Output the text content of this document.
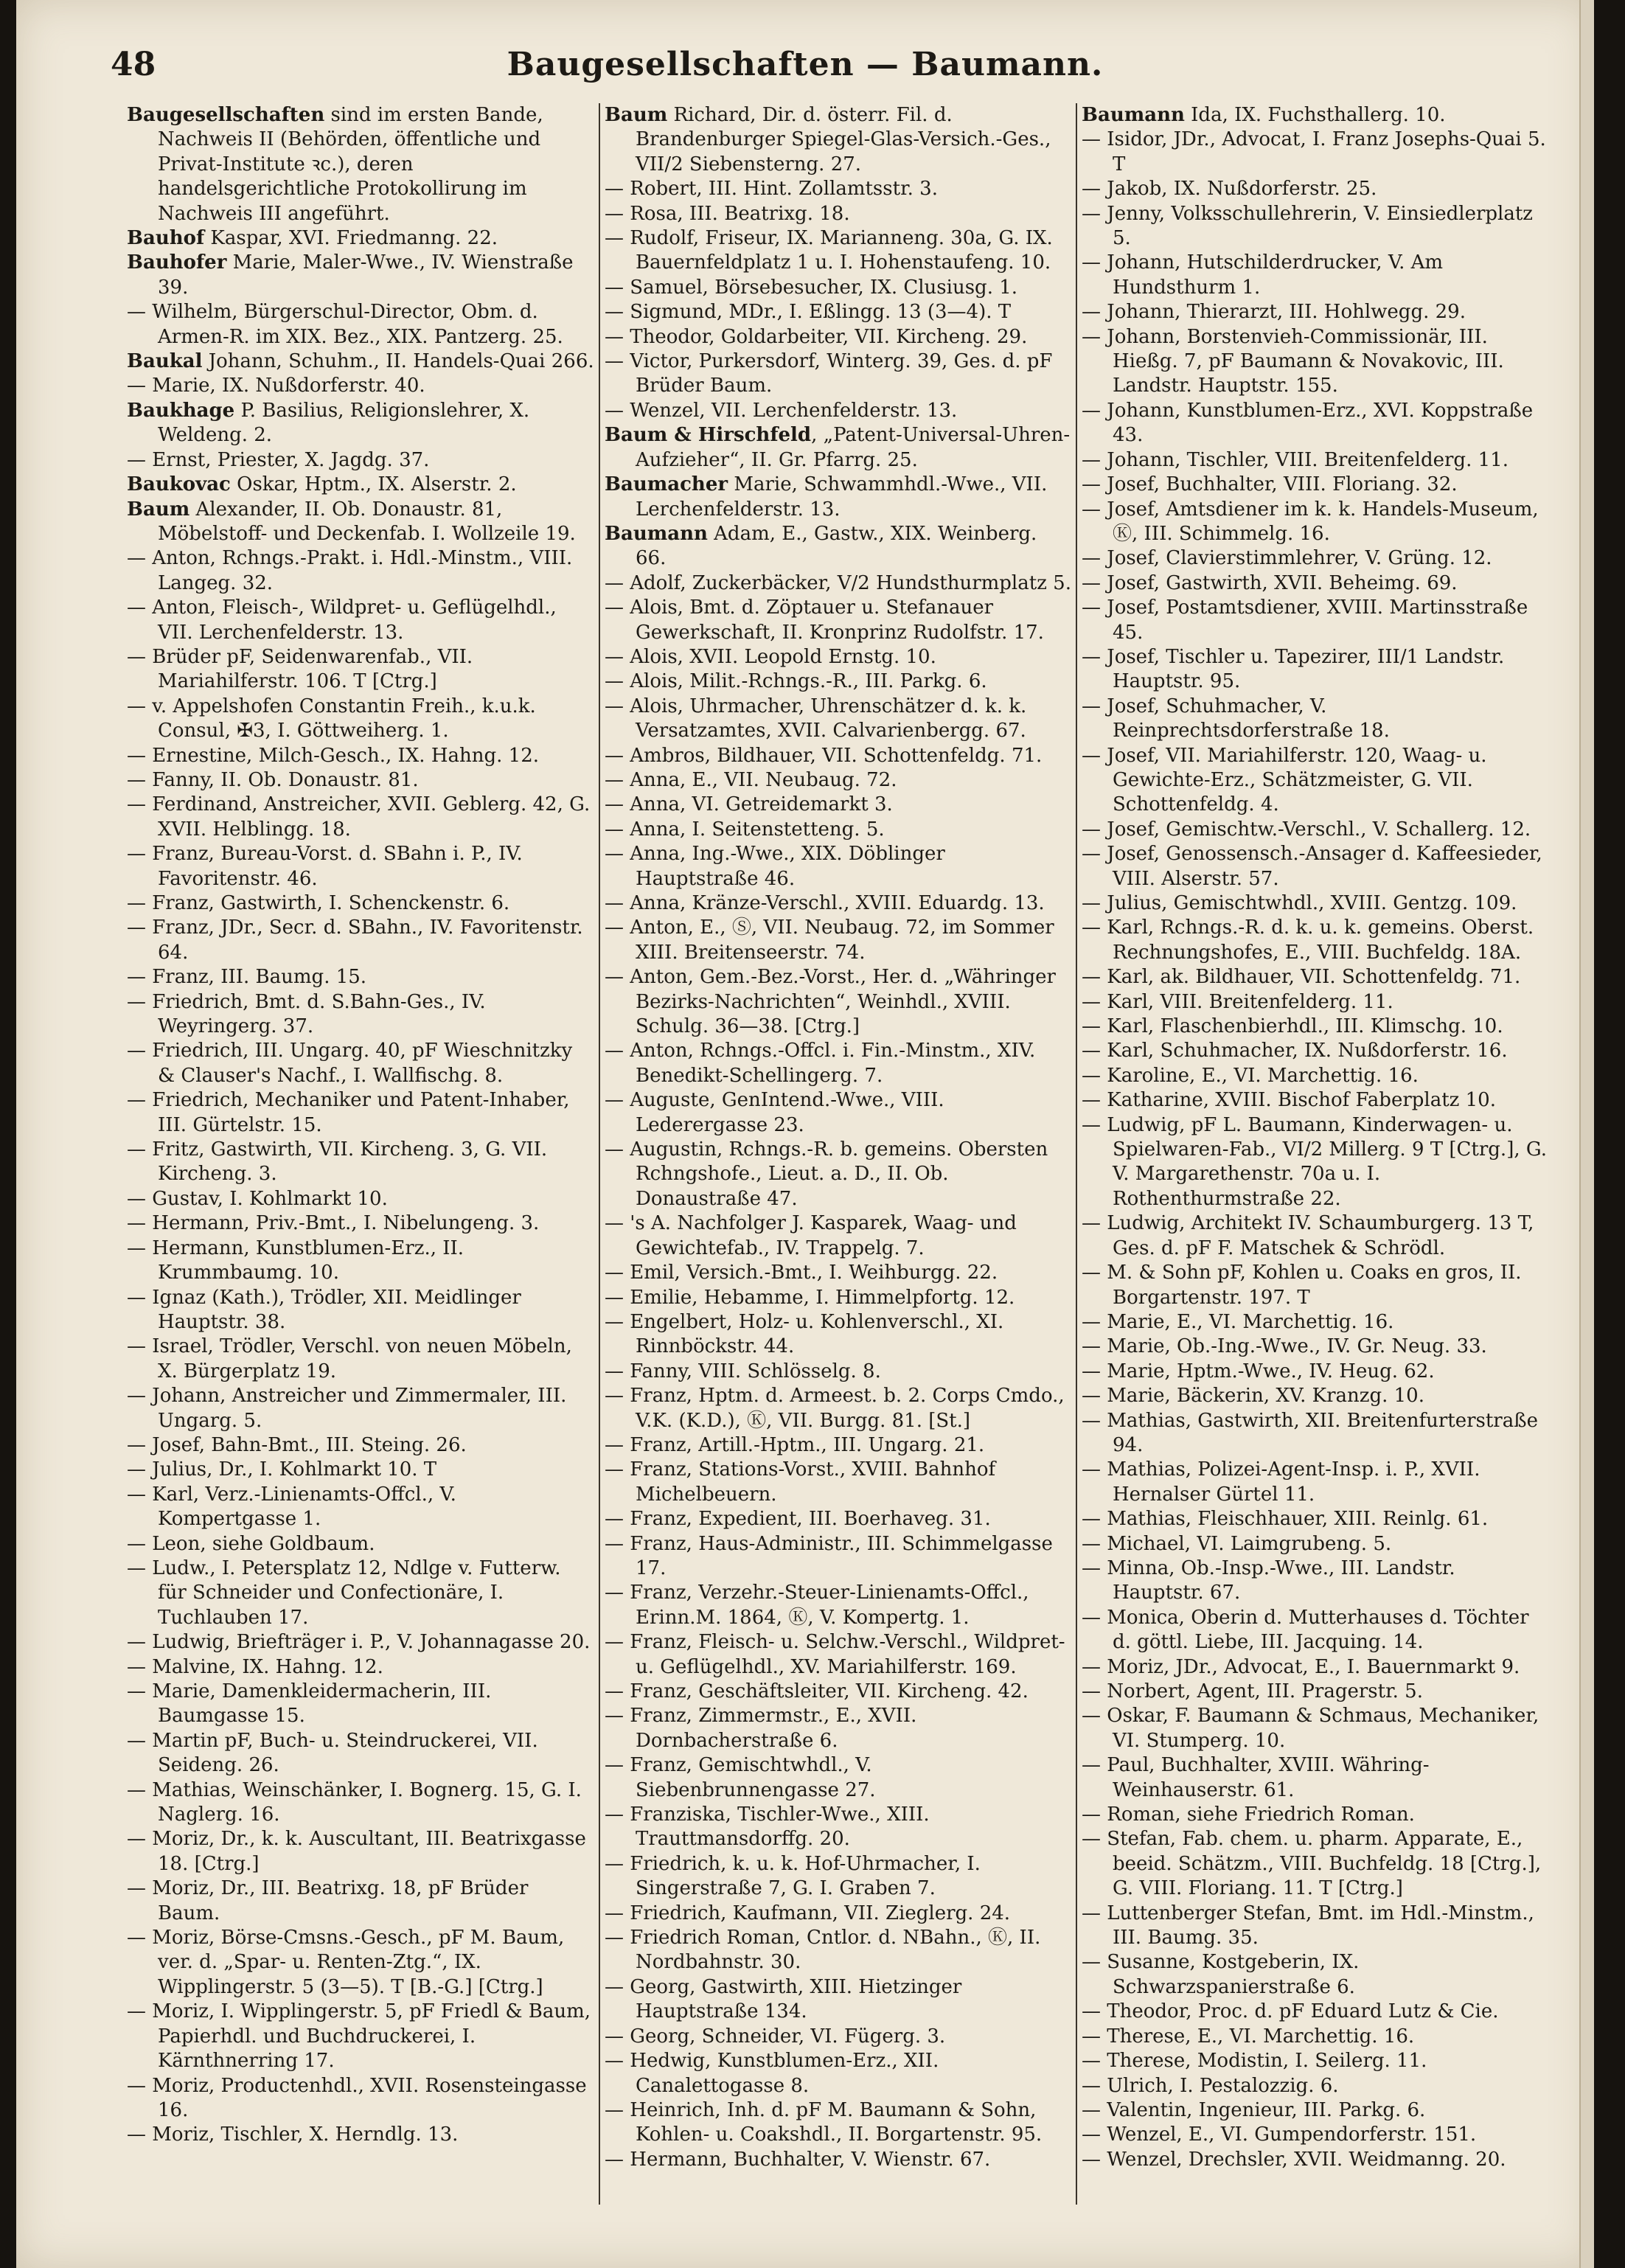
48	Baugesellschaften — Baumann.

Baugesellschaften sind im ersten Bande, Nachweis II (Behörden, öffentliche und Privat-Institute ꝛc.), deren handelsgerichtliche Protokollirung im Nachweis III angeführt.

Bauhof Kaspar, XVI. Friedmanng. 22.

Bauhofer Marie, Maler-Wwe., IV. Wienstraße 39.

— Wilhelm, Bürgerschul-Director, Obm. d. Armen-R. im XIX. Bez., XIX. Pantzerg. 25.

Baukal Johann, Schuhm., II. Handels-Quai 266.

— Marie, IX. Nußdorferstr. 40.

Baukhage P. Basilius, Religionslehrer, X. Weldeng. 2.

— Ernst, Priester, X. Jagdg. 37.

Baukovac Oskar, Hptm., IX. Alserstr. 2.

Baum Alexander, II. Ob. Donaustr. 81, Möbelstoff- und Deckenfab. I. Wollzeile 19.

— Anton, Rchngs.-Prakt. i. Hdl.-Minstm., VIII. Langeg. 32.

— Anton, Fleisch-, Wildpret- u. Geflügelhdl., VII. Lerchenfelderstr. 13.

— Brüder pF, Seidenwarenfab., VII. Mariahilferstr. 106. T [Ctrg.]

— v. Appelshofen Constantin Freih., k.u.k. Consul, ✠3, I. Göttweiherg. 1.

— Ernestine, Milch-Gesch., IX. Hahng. 12.

— Fanny, II. Ob. Donaustr. 81.

— Ferdinand, Anstreicher, XVII. Geblerg. 42, G. XVII. Helblingg. 18.

— Franz, Bureau-Vorst. d. SBahn i. P., IV. Favoritenstr. 46.

— Franz, Gastwirth, I. Schenckenstr. 6.

— Franz, JDr., Secr. d. SBahn., IV. Favoritenstr. 64.

— Franz, III. Baumg. 15.

— Friedrich, Bmt. d. S.Bahn-Ges., IV. Weyringerg. 37.

— Friedrich, III. Ungarg. 40, pF Wieschnitzky & Clauser's Nachf., I. Wallfischg. 8.

— Friedrich, Mechaniker und Patent-Inhaber, III. Gürtelstr. 15.

— Fritz, Gastwirth, VII. Kircheng. 3, G. VII. Kircheng. 3.

— Gustav, I. Kohlmarkt 10.

— Hermann, Priv.-Bmt., I. Nibelungeng. 3.

— Hermann, Kunstblumen-Erz., II. Krummbaumg. 10.

— Ignaz (Kath.), Trödler, XII. Meidlinger Hauptstr. 38.

— Israel, Trödler, Verschl. von neuen Möbeln, X. Bürgerplatz 19.

— Johann, Anstreicher und Zimmermaler, III. Ungarg. 5.

— Josef, Bahn-Bmt., III. Steing. 26.

— Julius, Dr., I. Kohlmarkt 10. T

— Karl, Verz.-Linienamts-Offcl., V. Kompertgasse 1.

— Leon, siehe Goldbaum.

— Ludw., I. Petersplatz 12, Ndlge v. Futterw. für Schneider und Confectionäre, I. Tuchlauben 17.

— Ludwig, Briefträger i. P., V. Johannagasse 20.

— Malvine, IX. Hahng. 12.

— Marie, Damenkleidermacherin, III. Baumgasse 15.

— Martin pF, Buch- u. Steindruckerei, VII. Seideng. 26.

— Mathias, Weinschänker, I. Bognerg. 15, G. I. Naglerg. 16.

— Moriz, Dr., k. k. Auscultant, III. Beatrixgasse 18. [Ctrg.]

— Moriz, Dr., III. Beatrixg. 18, pF Brüder Baum.

— Moriz, Börse-Cmsns.-Gesch., pF M. Baum, ver. d. „Spar- u. Renten-Ztg.“, IX. Wipplingerstr. 5 (3—5). T [B.-G.] [Ctrg.]

— Moriz, I. Wipplingerstr. 5, pF Friedl & Baum, Papierhdl. und Buchdruckerei, I. Kärnthnerring 17.

— Moriz, Productenhdl., XVII. Rosensteingasse 16.

— Moriz, Tischler, X. Herndlg. 13.

Baum Richard, Dir. d. österr. Fil. d. Brandenburger Spiegel-Glas-Versich.-Ges., VII/2 Siebensterng. 27.

— Robert, III. Hint. Zollamtsstr. 3.

— Rosa, III. Beatrixg. 18.

— Rudolf, Friseur, IX. Marianneng. 30a, G. IX. Bauernfeldplatz 1 u. I. Hohenstaufeng. 10.

— Samuel, Börsebesucher, IX. Clusiusg. 1.

— Sigmund, MDr., I. Eßlingg. 13 (3—4). T

— Theodor, Goldarbeiter, VII. Kircheng. 29.

— Victor, Purkersdorf, Winterg. 39, Ges. d. pF Brüder Baum.

— Wenzel, VII. Lerchenfelderstr. 13.

Baum & Hirschfeld, „Patent-Universal-Uhren-Aufzieher“, II. Gr. Pfarrg. 25.

Baumacher Marie, Schwammhdl.-Wwe., VII. Lerchenfelderstr. 13.

Baumann Adam, E., Gastw., XIX. Weinberg. 66.

— Adolf, Zuckerbäcker, V/2 Hundsthurmplatz 5.

— Alois, Bmt. d. Zöptauer u. Stefanauer Gewerkschaft, II. Kronprinz Rudolfstr. 17.

— Alois, XVII. Leopold Ernstg. 10.

— Alois, Milit.-Rchngs.-R., III. Parkg. 6.

— Alois, Uhrmacher, Uhrenschätzer d. k. k. Versatzamtes, XVII. Calvarienbergg. 67.

— Ambros, Bildhauer, VII. Schottenfeldg. 71.

— Anna, E., VII. Neubaug. 72.

— Anna, VI. Getreidemarkt 3.

— Anna, I. Seitenstetteng. 5.

— Anna, Ing.-Wwe., XIX. Döblinger Hauptstraße 46.

— Anna, Kränze-Verschl., XVIII. Eduardg. 13.

— Anton, E., Ⓢ, VII. Neubaug. 72, im Sommer XIII. Breitenseerstr. 74.

— Anton, Gem.-Bez.-Vorst., Her. d. „Währinger Bezirks-Nachrichten“, Weinhdl., XVIII. Schulg. 36—38. [Ctrg.]

— Anton, Rchngs.-Offcl. i. Fin.-Minstm., XIV. Benedikt-Schellingerg. 7.

— Auguste, GenIntend.-Wwe., VIII. Lederergasse 23.

— Augustin, Rchngs.-R. b. gemeins. Obersten Rchngshofe., Lieut. a. D., II. Ob. Donaustraße 47.

— 's A. Nachfolger J. Kasparek, Waag- und Gewichtefab., IV. Trappelg. 7.

— Emil, Versich.-Bmt., I. Weihburgg. 22.

— Emilie, Hebamme, I. Himmelpfortg. 12.

— Engelbert, Holz- u. Kohlenverschl., XI. Rinnböckstr. 44.

— Fanny, VIII. Schlösselg. 8.

— Franz, Hptm. d. Armeest. b. 2. Corps Cmdo., V.K. (K.D.), Ⓚ, VII. Burgg. 81. [St.]

— Franz, Artill.-Hptm., III. Ungarg. 21.

— Franz, Stations-Vorst., XVIII. Bahnhof Michelbeuern.

— Franz, Expedient, III. Boerhaveg. 31.

— Franz, Haus-Administr., III. Schimmelgasse 17.

— Franz, Verzehr.-Steuer-Linienamts-Offcl., Erinn.M. 1864, Ⓚ, V. Kompertg. 1.

— Franz, Fleisch- u. Selchw.-Verschl., Wildpret- u. Geflügelhdl., XV. Mariahilferstr. 169.

— Franz, Geschäftsleiter, VII. Kircheng. 42.

— Franz, Zimmermstr., E., XVII. Dornbacherstraße 6.

— Franz, Gemischtwhdl., V. Siebenbrunnengasse 27.

— Franziska, Tischler-Wwe., XIII. Trauttmansdorffg. 20.

— Friedrich, k. u. k. Hof-Uhrmacher, I. Singerstraße 7, G. I. Graben 7.

— Friedrich, Kaufmann, VII. Zieglerg. 24.

— Friedrich Roman, Cntlor. d. NBahn., Ⓚ, II. Nordbahnstr. 30.

— Georg, Gastwirth, XIII. Hietzinger Hauptstraße 134.

— Georg, Schneider, VI. Fügerg. 3.

— Hedwig, Kunstblumen-Erz., XII. Canalettogasse 8.

— Heinrich, Inh. d. pF M. Baumann & Sohn, Kohlen- u. Coakshdl., II. Borgartenstr. 95.

— Hermann, Buchhalter, V. Wienstr. 67.

Baumann Ida, IX. Fuchsthallerg. 10.

— Isidor, JDr., Advocat, I. Franz Josephs-Quai 5. T

— Jakob, IX. Nußdorferstr. 25.

— Jenny, Volksschullehrerin, V. Einsiedlerplatz 5.

— Johann, Hutschilderdrucker, V. Am Hundsthurm 1.

— Johann, Thierarzt, III. Hohlwegg. 29.

— Johann, Borstenvieh-Commissionär, III. Hießg. 7, pF Baumann & Novakovic, III. Landstr. Hauptstr. 155.

— Johann, Kunstblumen-Erz., XVI. Koppstraße 43.

— Johann, Tischler, VIII. Breitenfelderg. 11.

— Josef, Buchhalter, VIII. Floriang. 32.

— Josef, Amtsdiener im k. k. Handels-Museum, Ⓚ, III. Schimmelg. 16.

— Josef, Clavierstimmlehrer, V. Grüng. 12.

— Josef, Gastwirth, XVII. Beheimg. 69.

— Josef, Postamtsdiener, XVIII. Martinsstraße 45.

— Josef, Tischler u. Tapezirer, III/1 Landstr. Hauptstr. 95.

— Josef, Schuhmacher, V. Reinprechtsdorferstraße 18.

— Josef, VII. Mariahilferstr. 120, Waag- u. Gewichte-Erz., Schätzmeister, G. VII. Schottenfeldg. 4.

— Josef, Gemischtw.-Verschl., V. Schallerg. 12.

— Josef, Genossensch.-Ansager d. Kaffeesieder, VIII. Alserstr. 57.

— Julius, Gemischtwhdl., XVIII. Gentzg. 109.

— Karl, Rchngs.-R. d. k. u. k. gemeins. Oberst. Rechnungshofes, E., VIII. Buchfeldg. 18A.

— Karl, ak. Bildhauer, VII. Schottenfeldg. 71.

— Karl, VIII. Breitenfelderg. 11.

— Karl, Flaschenbierhdl., III. Klimschg. 10.

— Karl, Schuhmacher, IX. Nußdorferstr. 16.

— Karoline, E., VI. Marchettig. 16.

— Katharine, XVIII. Bischof Faberplatz 10.

— Ludwig, pF L. Baumann, Kinderwagen- u. Spielwaren-Fab., VI/2 Millerg. 9 T [Ctrg.], G. V. Margarethenstr. 70a u. I. Rothenthurmstraße 22.

— Ludwig, Architekt IV. Schaumburgerg. 13 T, Ges. d. pF F. Matschek & Schrödl.

— M. & Sohn pF, Kohlen u. Coaks en gros, II. Borgartenstr. 197. T

— Marie, E., VI. Marchettig. 16.

— Marie, Ob.-Ing.-Wwe., IV. Gr. Neug. 33.

— Marie, Hptm.-Wwe., IV. Heug. 62.

— Marie, Bäckerin, XV. Kranzg. 10.

— Mathias, Gastwirth, XII. Breitenfurterstraße 94.

— Mathias, Polizei-Agent-Insp. i. P., XVII. Hernalser Gürtel 11.

— Mathias, Fleischhauer, XIII. Reinlg. 61.

— Michael, VI. Laimgrubeng. 5.

— Minna, Ob.-Insp.-Wwe., III. Landstr. Hauptstr. 67.

— Monica, Oberin d. Mutterhauses d. Töchter d. göttl. Liebe, III. Jacquing. 14.

— Moriz, JDr., Advocat, E., I. Bauernmarkt 9.

— Norbert, Agent, III. Pragerstr. 5.

— Oskar, F. Baumann & Schmaus, Mechaniker, VI. Stumperg. 10.

— Paul, Buchhalter, XVIII. Währing-Weinhauserstr. 61.

— Roman, siehe Friedrich Roman.

— Stefan, Fab. chem. u. pharm. Apparate, E., beeid. Schätzm., VIII. Buchfeldg. 18 [Ctrg.], G. VIII. Floriang. 11. T [Ctrg.]

— Luttenberger Stefan, Bmt. im Hdl.-Minstm., III. Baumg. 35.

— Susanne, Kostgeberin, IX. Schwarzspanierstraße 6.

— Theodor, Proc. d. pF Eduard Lutz & Cie.

— Therese, E., VI. Marchettig. 16.

— Therese, Modistin, I. Seilerg. 11.

— Ulrich, I. Pestalozzig. 6.

— Valentin, Ingenieur, III. Parkg. 6.

— Wenzel, E., VI. Gumpendorferstr. 151.

— Wenzel, Drechsler, XVII. Weidmanng. 20.
